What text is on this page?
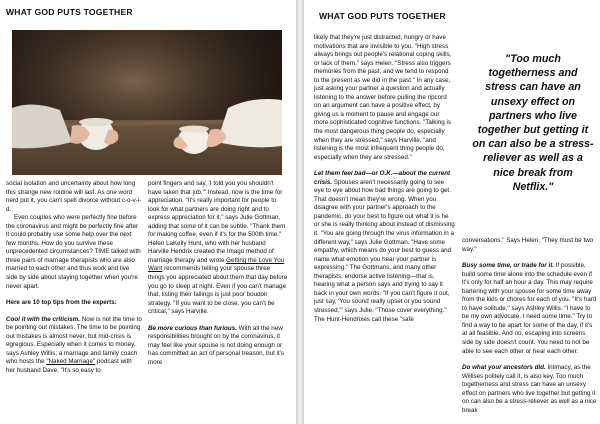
WHAT GOD PUTS TOGETHER

social isolation and uncertainty about how long this strange new routine will last. As one word nerd put it, you can't spell divorce without c-o-v-i-d.

Even couples who were perfectly fine before the coronavirus and might be perfectly fine after it could probably use some help over the next few months. How do you survive these unprecedented circumstances? TIME talked with three pairs of marriage therapists who are also married to each other and thus work and live side by side about staying together when you're never apart.

Here are 10 top tips from the experts:

Cool it with the criticism. Now is not the time to be pointing out mistakes. The time to be pointing out mistakes is almost never, but mid-crisis is egregious. Especially when it comes to money, says Ashley Willis, a marriage and family coach who hosts the "Naked Marriage" podcast with her husband Dave. "It's so easy to

point fingers and say, 'I told you you shouldn't have taken that job.'" Instead, now is the time for appreciation. "It's really important for people to look for what partners are doing right and to express appreciation for it," says Julie Gottman, adding that some of it can be subtle. "Thank them for making coffee, even if it's for the 500th time." Helen LaKelly Hunt, who with her husband Harville Hendrix created the Imago method of marriage therapy and wrote Getting the Love You Want recommends telling your spouse three things you appreciated about them that day before you go to sleep at night. Even if you can't manage that, listing their failings is just poor boudoir strategy. "If you want to be close, you can't be critical," says Harville.

Be more curious than furious. With all the new responsibilities brought on by the coronavirus, it may feel like your spouse is not doing enough or has committed an act of personal treason, but it's more

WHAT GOD PUTS TOGETHER

likely that they're just distracted, hungry or have motivations that are invisible to you. "High stress always brings out people's relational coping skills, or lack of them," says Helen. "Stress also triggers memories from the past, and we tend to respond to the present as we did in the past." In any case, just asking your partner a question and actually listening to the answer before pulling the ripcord on an argument can have a positive effect, by giving us a moment to pause and engage our more sophisticated cognitive functions. "Talking is the most dangerous thing people do, especially when they are stressed," says Harville, "and listening is the most infrequent thing people do, especially when they are stressed."

Let them feel bad—or O.K.—about the current crisis. Spouses aren't necessarily going to see eye to eye about how bad things are going to get. That doesn't mean they're wrong. When you disagree with your partner's approach to the pandemic, do your best to figure out what it is he or she is really thinking about instead of dismissing it. "You are going through the virus information in a different way," says Julie Gottman. "Have some empathy, which means do your best to guess and name what emotion you hear your partner is expressing." The Gottmans, and many other therapists, endorse active listening—that is, hearing what a person says and trying to say it back in your own words. "If you can't figure it out, just say, 'You sound really upset or you sound stressed,'" says Julie. "Those cover everything." The Hunt-Hendrixes call these "safe

"Too much togetherness and stress can have an unsexy effect on partners who live together but getting it on can also be a stress-reliever as well as a nice break from Netflix."

conversations." Says Helen, "They must be two way."

Busy some time, or trade for it. If possible, build some time alone into the schedule even if it's only for half an hour a day. This may require bartering with your spouse for some time away from the kids or chores for each of you. "It's hard to have solitude," says Ashley Willis. "I have to be my own advocate. I need some time." Try to find a way to be apart for some of the day, if it's at all feasible. And no, escaping into screens side by side doesn't count. You need to not be able to see each other or hear each other.

Do what your ancestors did. Intimacy, as the Willises politely call it, is also key. Too much togetherness and stress can have an unsexy effect on partners who live together but getting it on can also be a stress-reliever as well as a nice break
